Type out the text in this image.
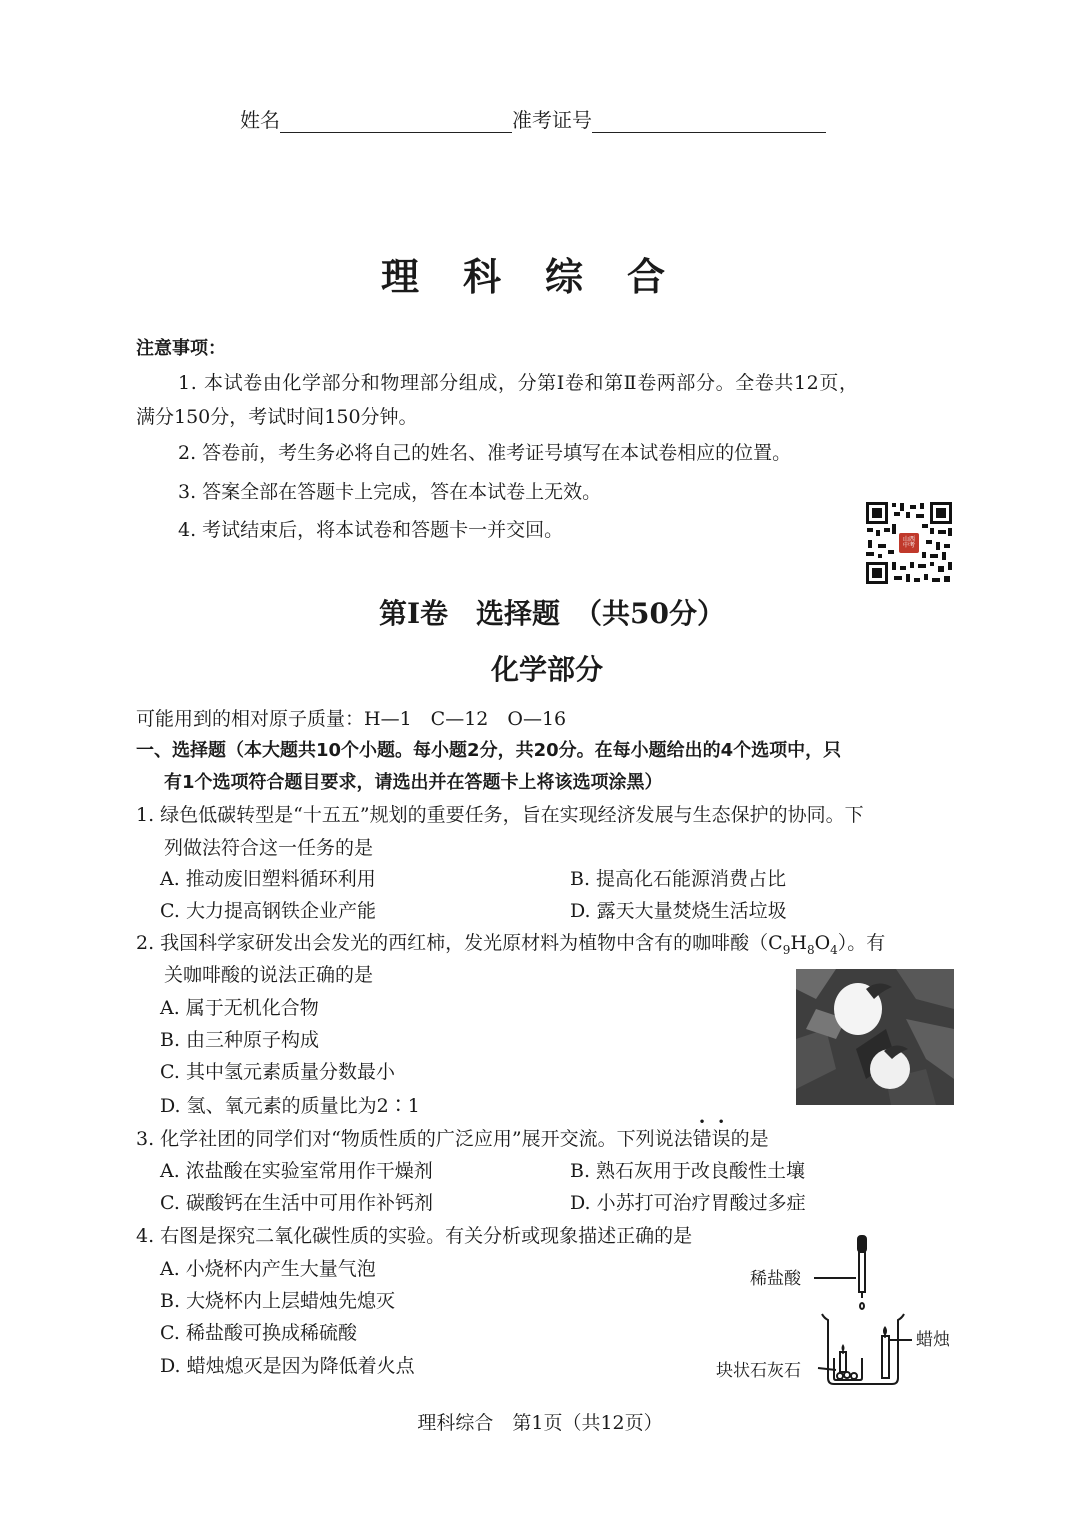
姓名	准考证号
理科综合
注意事项：
1. 本试卷由化学部分和物理部分组成，分第Ⅰ卷和第Ⅱ卷两部分。全卷共12页，
满分150分，考试时间150分钟。
2. 答卷前，考生务必将自己的姓名、准考证号填写在本试卷相应的位置。
3. 答案全部在答题卡上完成，答在本试卷上无效。
4. 考试结束后，将本试卷和答题卡一并交回。	山西中考
第Ⅰ卷　选择题　（共50分）
化学部分
可能用到的相对原子质量：H—1　C—12　O—16
一、选择题（本大题共10个小题。每小题2分，共20分。在每小题给出的4个选项中，只
有1个选项符合题目要求，请选出并在答题卡上将该选项涂黑）
1. 绿色低碳转型是“十五五”规划的重要任务，旨在实现经济发展与生态保护的协同。下
列做法符合这一任务的是
A. 推动废旧塑料循环利用	B. 提高化石能源消费占比
C. 大力提高钢铁企业产能	D. 露天大量焚烧生活垃圾
2. 我国科学家研发出会发光的西红柿，发光原材料为植物中含有的咖啡酸$(C_9H_8O_4)$。有
关咖啡酸的说法正确的是
A. 属于无机化合物
B. 由三种原子构成
C. 其中氢元素质量分数最小
D. 氢、氧元素的质量比为2∶1
3. 化学社团的同学们对“物质性质的广泛应用”展开交流。下列说法错误的是
A. 浓盐酸在实验室常用作干燥剂	B. 熟石灰用于改良酸性土壤
C. 碳酸钙在生活中可用作补钙剂	D. 小苏打可治疗胃酸过多症
4. 右图是探究二氧化碳性质的实验。有关分析或现象描述正确的是
A. 小烧杯内产生大量气泡
B. 大烧杯内上层蜡烛先熄灭
C. 稀盐酸可换成稀硫酸
D. 蜡烛熄灭是因为降低着火点
稀盐酸
蜡烛
块状石灰石
理科综合　第1页（共12页）
